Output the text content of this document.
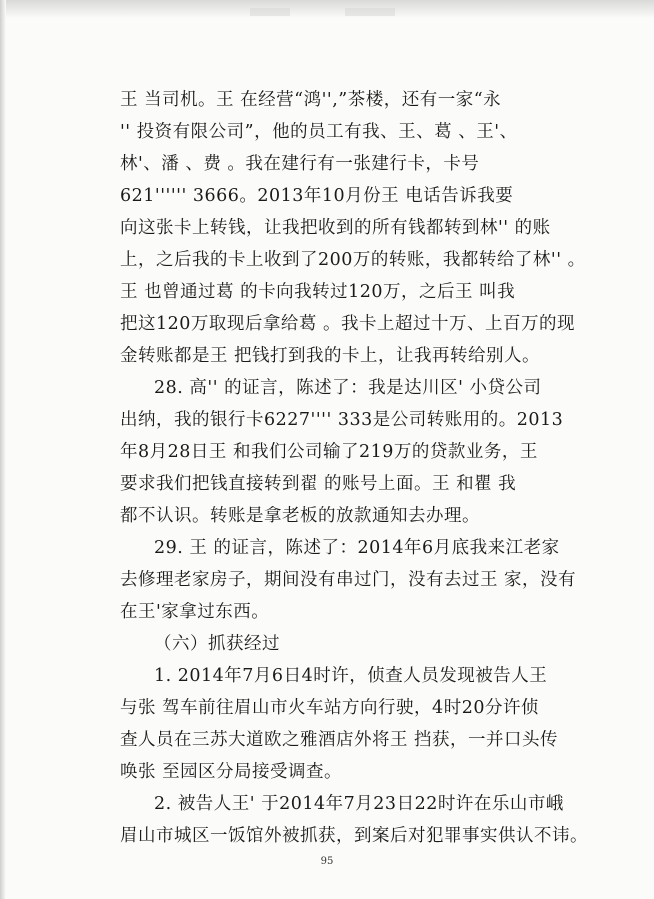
王 当司机。王 在经营“鸿'',”茶楼，还有一家“永
'' 投资有限公司”，他的员工有我、王、葛 、王'、
林'、潘 、费 。我在建行有一张建行卡，卡号
621'''''' 3666。2013年10月份王 电话告诉我要
向这张卡上转钱，让我把收到的所有钱都转到林'' 的账
上，之后我的卡上收到了200万的转账，我都转给了林'' 。
王 也曾通过葛 的卡向我转过120万，之后王 叫我
把这120万取现后拿给葛 。我卡上超过十万、上百万的现
金转账都是王 把钱打到我的卡上，让我再转给别人。
28. 高'' 的证言，陈述了：我是达川区' 小贷公司
出纳，我的银行卡6227'''' 333是公司转账用的。2013
年8月28日王 和我们公司输了219万的贷款业务，王
要求我们把钱直接转到翟 的账号上面。王 和瞿 我
都不认识。转账是拿老板的放款通知去办理。
29. 王 的证言，陈述了：2014年6月底我来江老家
去修理老家房子，期间没有串过门，没有去过王 家，没有
在王'家拿过东西。
（六）抓获经过
1. 2014年7月6日4时许，侦查人员发现被告人王
与张 驾车前往眉山市火车站方向行驶，4时20分许侦
查人员在三苏大道欧之雅酒店外将王 挡获，一并口头传
唤张 至园区分局接受调查。
2. 被告人王' 于2014年7月23日22时许在乐山市峨
眉山市城区一饭馆外被抓获，到案后对犯罪事实供认不讳。
95
